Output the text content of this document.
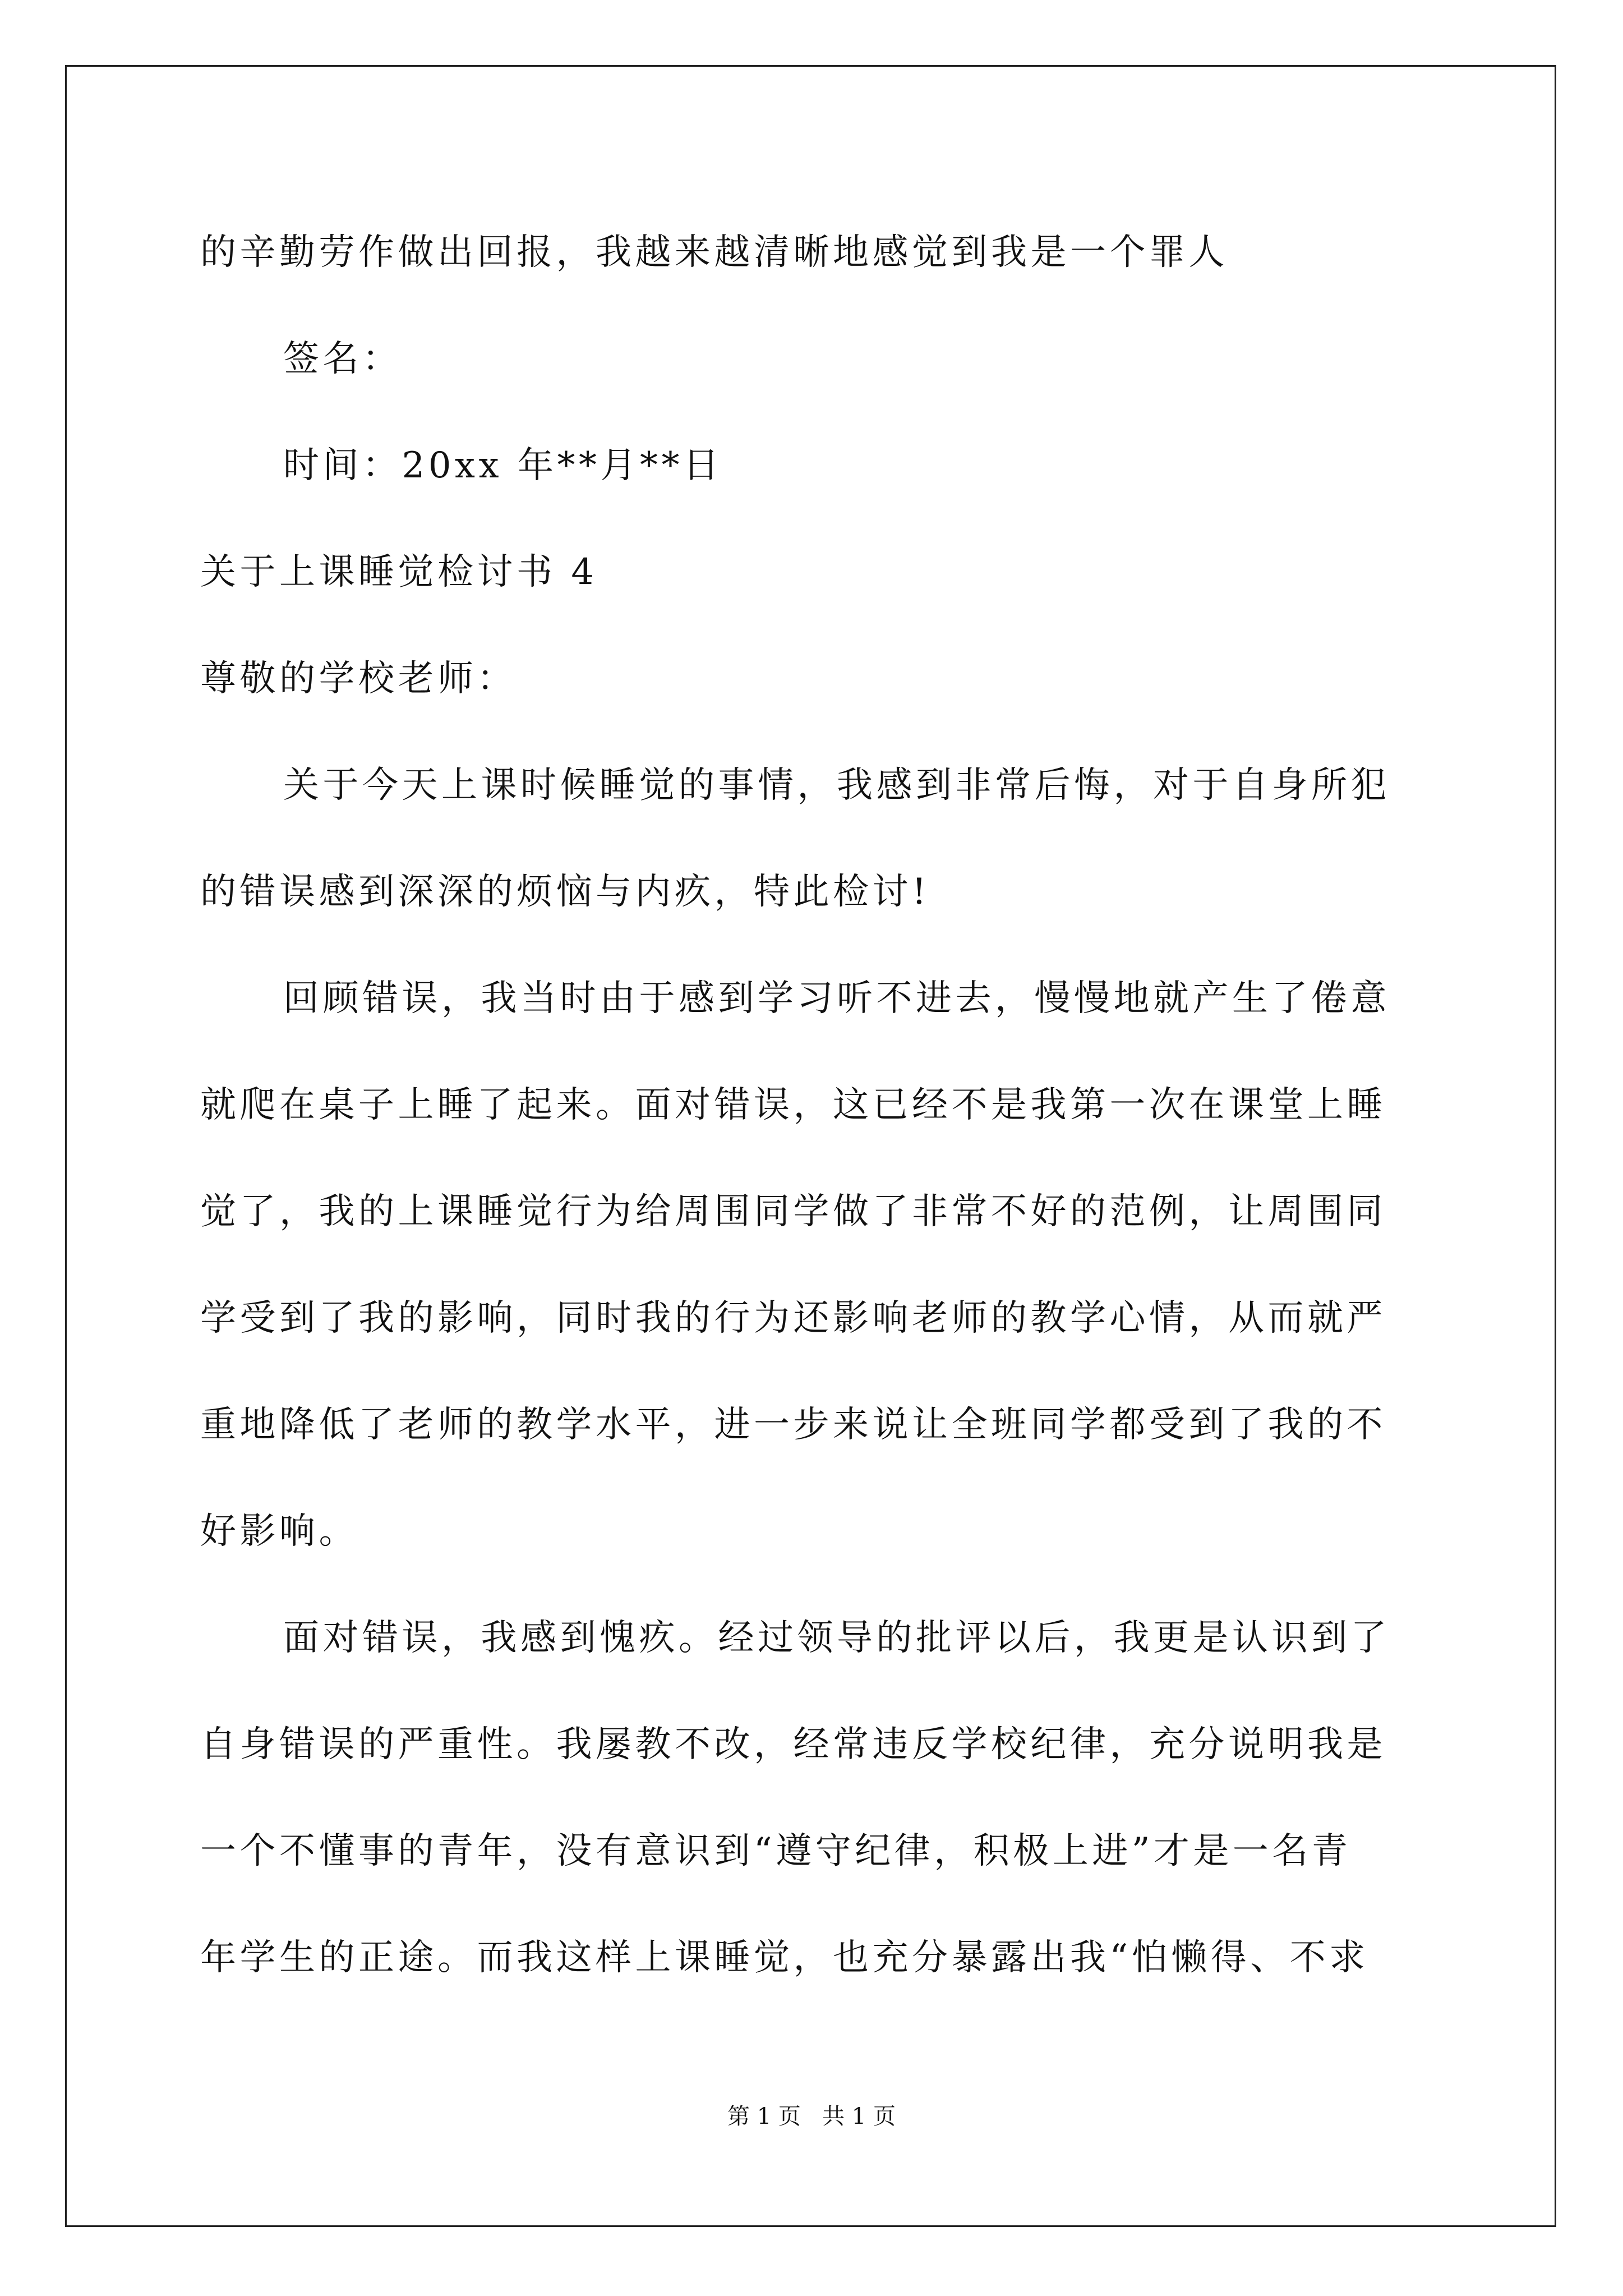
的辛勤劳作做出回报，我越来越清晰地感觉到我是一个罪人
签名：
时间：20xx 年**月**日
关于上课睡觉检讨书 4
尊敬的学校老师：
关于今天上课时候睡觉的事情，我感到非常后悔，对于自身所犯
的错误感到深深的烦恼与内疚，特此检讨!
回顾错误，我当时由于感到学习听不进去，慢慢地就产生了倦意
就爬在桌子上睡了起来。面对错误，这已经不是我第一次在课堂上睡
觉了，我的上课睡觉行为给周围同学做了非常不好的范例，让周围同
学受到了我的影响，同时我的行为还影响老师的教学心情，从而就严
重地降低了老师的教学水平，进一步来说让全班同学都受到了我的不
好影响。
面对错误，我感到愧疚。经过领导的批评以后，我更是认识到了
自身错误的严重性。我屡教不改，经常违反学校纪律，充分说明我是
一个不懂事的青年，没有意识到“遵守纪律，积极上进”才是一名青
年学生的正途。而我这样上课睡觉，也充分暴露出我“怕懒得、不求
第 1 页   共 1 页
